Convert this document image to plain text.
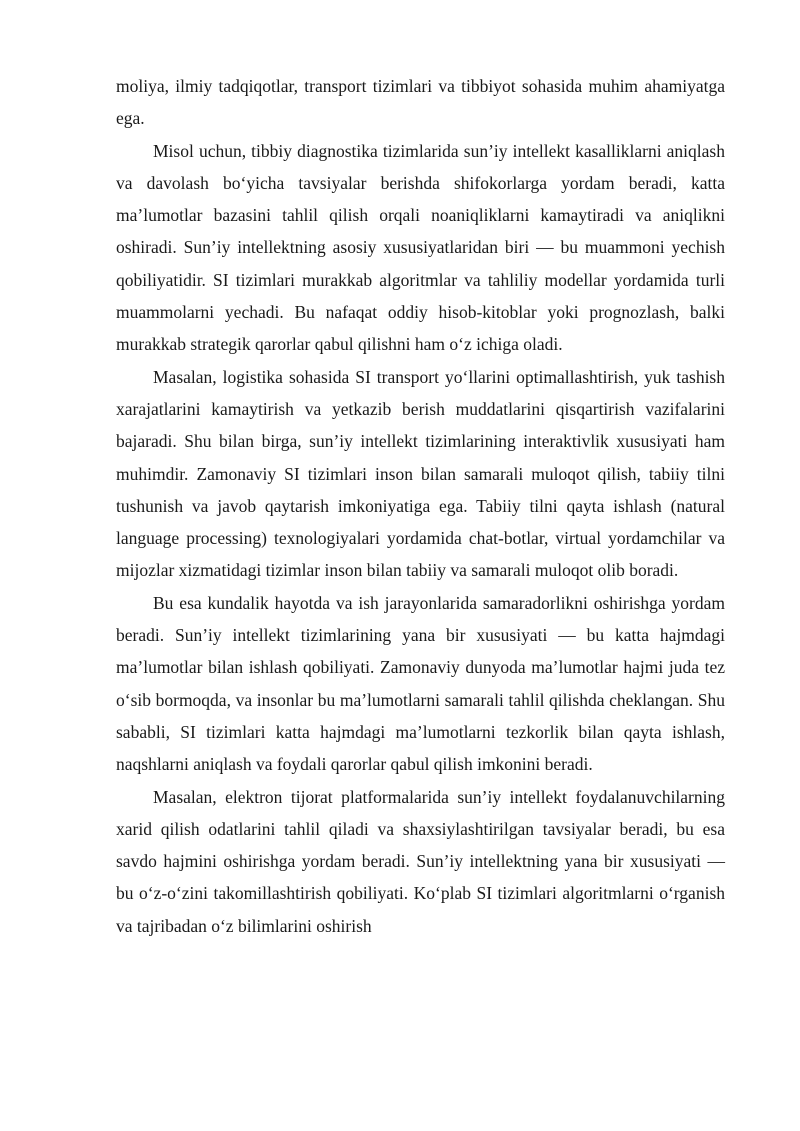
moliya, ilmiy tadqiqotlar, transport tizimlari va tibbiyot sohasida muhim ahamiyatga ega.

Misol uchun, tibbiy diagnostika tizimlarida sun’iy intellekt kasalliklarni aniqlash va davolash bo‘yicha tavsiyalar berishda shifokorlarga yordam beradi, katta ma’lumotlar bazasini tahlil qilish orqali noaniqliklarni kamaytiradi va aniqlikni oshiradi. Sun’iy intellektning asosiy xususiyatlaridan biri — bu muammoni yechish qobiliyatidir. SI tizimlari murakkab algoritmlar va tahliliy modellar yordamida turli muammolarni yechadi. Bu nafaqat oddiy hisob-kitoblar yoki prognozlash, balki murakkab strategik qarorlar qabul qilishni ham o‘z ichiga oladi.

Masalan, logistika sohasida SI transport yo‘llarini optimallashtirish, yuk tashish xarajatlarini kamaytirish va yetkazib berish muddatlarini qisqartirish vazifalarini bajaradi. Shu bilan birga, sun’iy intellekt tizimlarining interaktivlik xususiyati ham muhimdir. Zamonaviy SI tizimlari inson bilan samarali muloqot qilish, tabiiy tilni tushunish va javob qaytarish imkoniyatiga ega. Tabiiy tilni qayta ishlash (natural language processing) texnologiyalari yordamida chat-botlar, virtual yordamchilar va mijozlar xizmatidagi tizimlar inson bilan tabiiy va samarali muloqot olib boradi.

Bu esa kundalik hayotda va ish jarayonlarida samaradorlikni oshirishga yordam beradi. Sun’iy intellekt tizimlarining yana bir xususiyati — bu katta hajmdagi ma’lumotlar bilan ishlash qobiliyati. Zamonaviy dunyoda ma’lumotlar hajmi juda tez o‘sib bormoqda, va insonlar bu ma’lumotlarni samarali tahlil qilishda cheklangan. Shu sababli, SI tizimlari katta hajmdagi ma’lumotlarni tezkorlik bilan qayta ishlash, naqshlarni aniqlash va foydali qarorlar qabul qilish imkonini beradi.

Masalan, elektron tijorat platformalarida sun’iy intellekt foydalanuvchilarning xarid qilish odatlarini tahlil qiladi va shaxsiylashtirilgan tavsiyalar beradi, bu esa savdo hajmini oshirishga yordam beradi. Sun’iy intellektning yana bir xususiyati — bu o‘z-o‘zini takomillashtirish qobiliyati. Ko‘plab SI tizimlari algoritmlarni o‘rganish va tajribadan o‘z bilimlarini oshirish
